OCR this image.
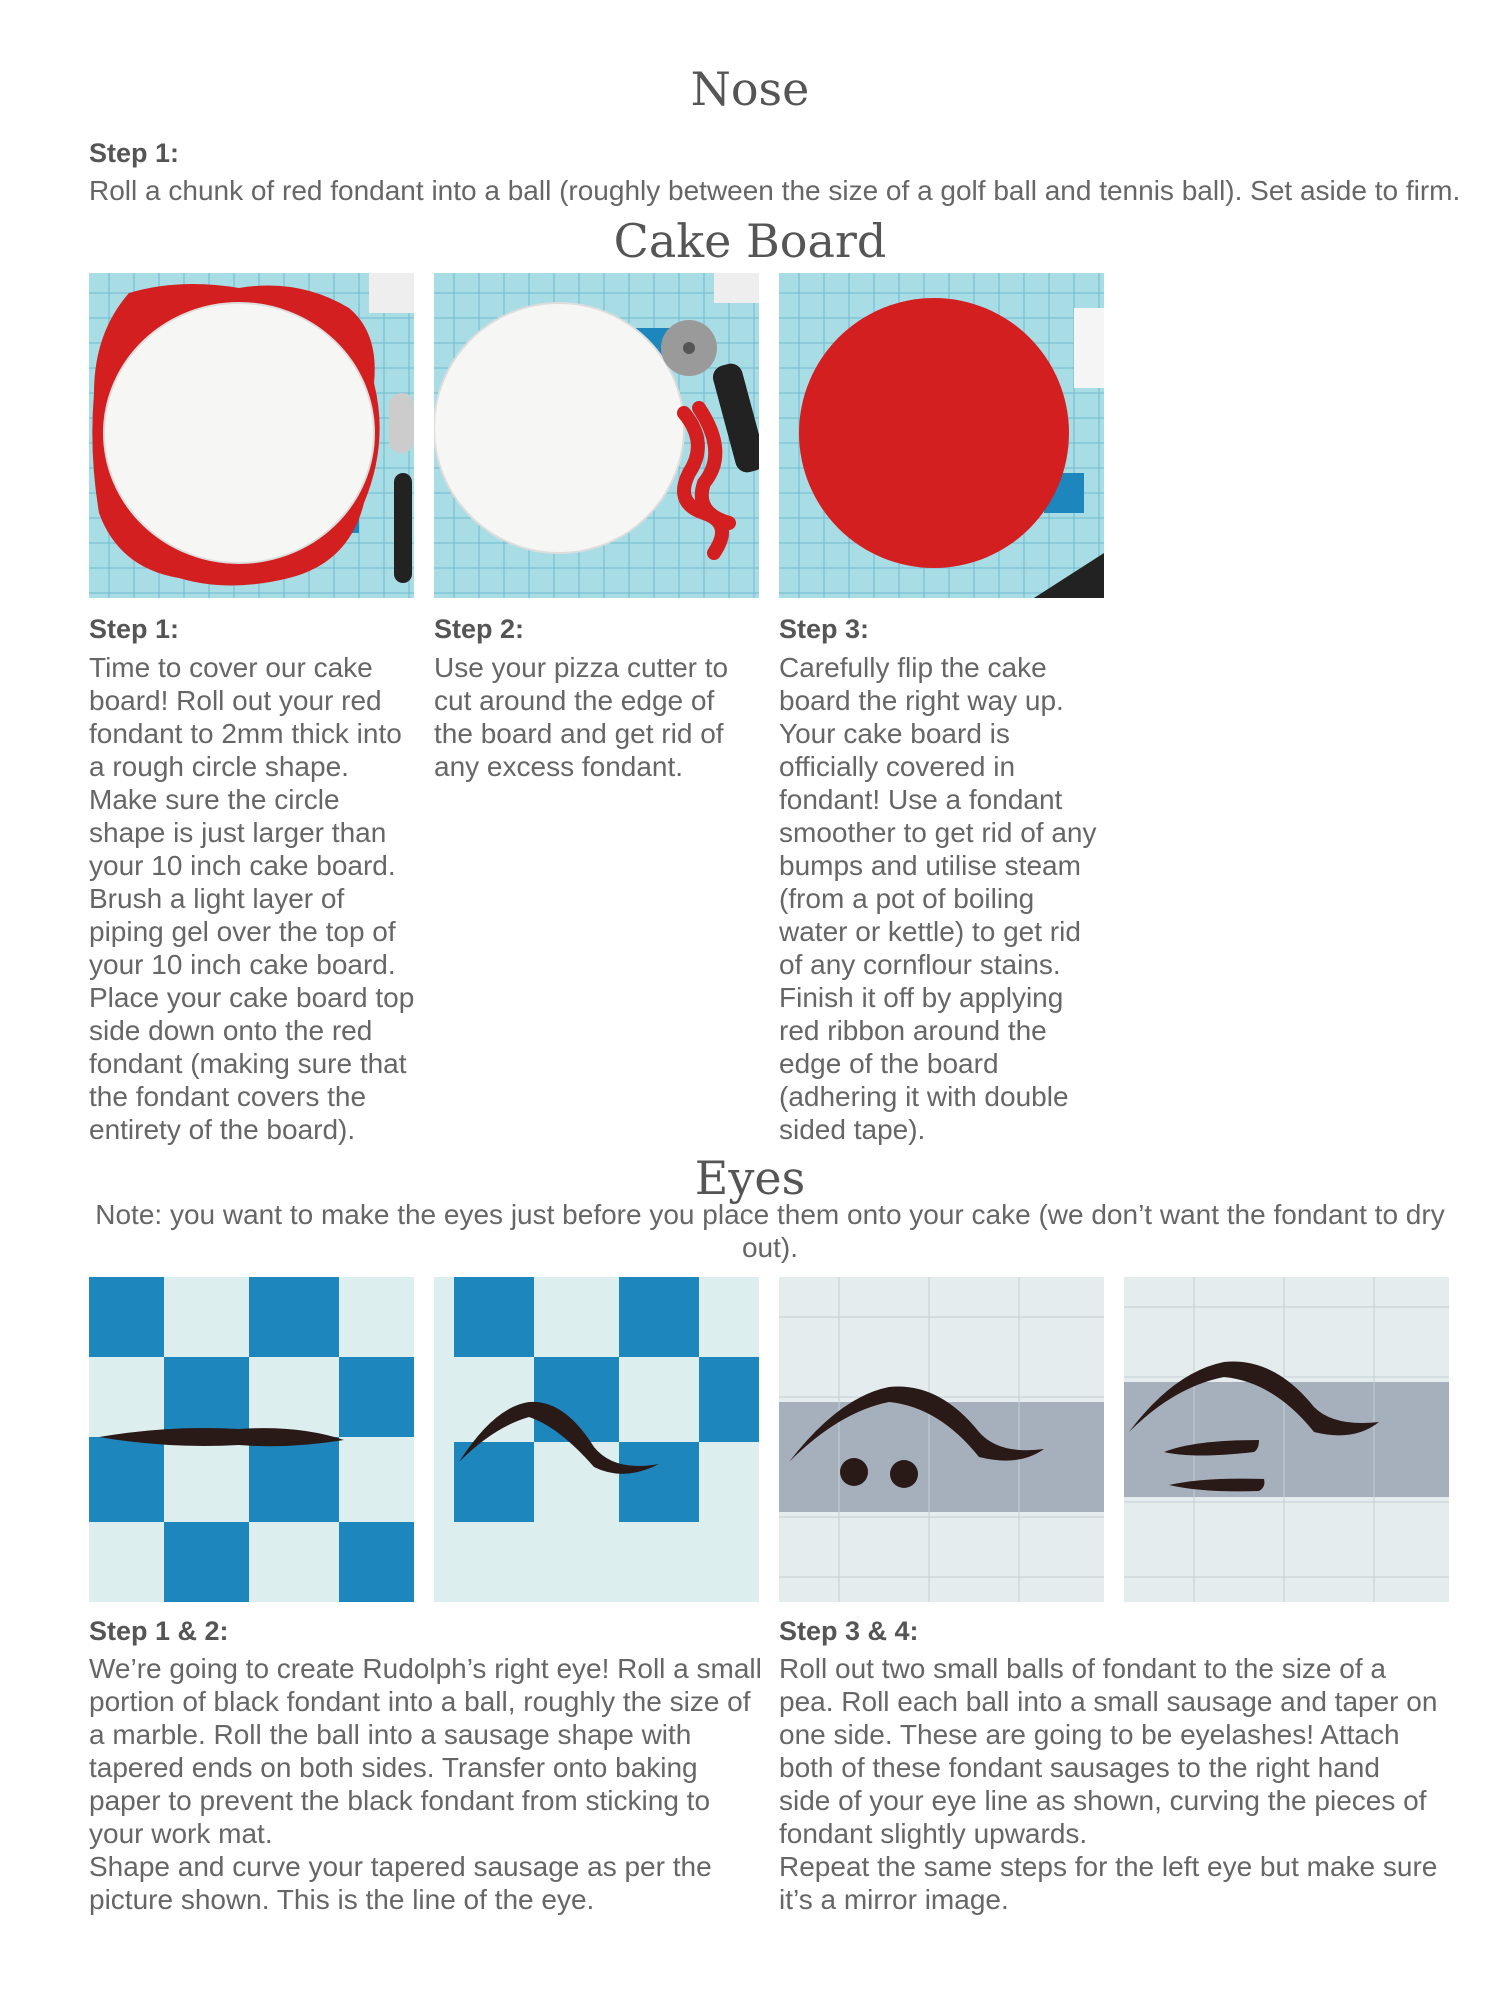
Nose

Step 1:

Roll a chunk of red fondant into a ball (roughly between the size of a golf ball and tennis ball). Set aside to firm.

Cake Board

Step 1:	Step 2:	Step 3:

Time to cover our cake board! Roll out your red fondant to 2mm thick into a rough circle shape. Make sure the circle shape is just larger than your 10 inch cake board. Brush a light layer of piping gel over the top of your 10 inch cake board. Place your cake board top side down onto the red fondant (making sure that the fondant covers the entirety of the board).

Use your pizza cutter to cut around the edge of the board and get rid of any excess fondant.

Carefully flip the cake board the right way up. Your cake board is officially covered in fondant! Use a fondant smoother to get rid of any bumps and utilise steam (from a pot of boiling water or kettle) to get rid of any cornflour stains. Finish it off by applying red ribbon around the edge of the board (adhering it with double sided tape).

Eyes

Note: you want to make the eyes just before you place them onto your cake (we don’t want the fondant to dry out).

Step 1 & 2:

We’re going to create Rudolph’s right eye! Roll a small portion of black fondant into a ball, roughly the size of a marble. Roll the ball into a sausage shape with tapered ends on both sides. Transfer onto baking paper to prevent the black fondant from sticking to your work mat.

Shape and curve your tapered sausage as per the picture shown. This is the line of the eye.

Step 3 & 4:

Roll out two small balls of fondant to the size of a pea. Roll each ball into a small sausage and taper on one side. These are going to be eyelashes! Attach both of these fondant sausages to the right hand side of your eye line as shown, curving the pieces of fondant slightly upwards.

Repeat the same steps for the left eye but make sure it’s a mirror image.
